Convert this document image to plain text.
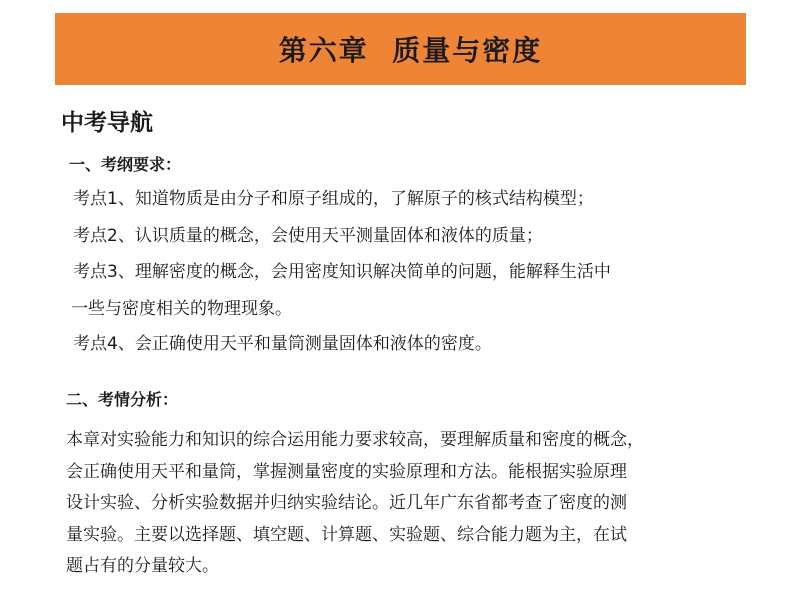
第六章  质量与密度
中考导航
一、考纲要求：
考点1、知道物质是由分子和原子组成的，了解原子的核式结构模型；
考点2、认识质量的概念，会使用天平测量固体和液体的质量；
考点3、理解密度的概念，会用密度知识解决简单的问题，能解释生活中
一些与密度相关的物理现象。
考点4、会正确使用天平和量筒测量固体和液体的密度。
二、考情分析：
本章对实验能力和知识的综合运用能力要求较高，要理解质量和密度的概念，
会正确使用天平和量筒，掌握测量密度的实验原理和方法。能根据实验原理
设计实验、分析实验数据并归纳实验结论。近几年广东省都考查了密度的测
量实验。主要以选择题、填空题、计算题、实验题、综合能力题为主，在试
题占有的分量较大。
